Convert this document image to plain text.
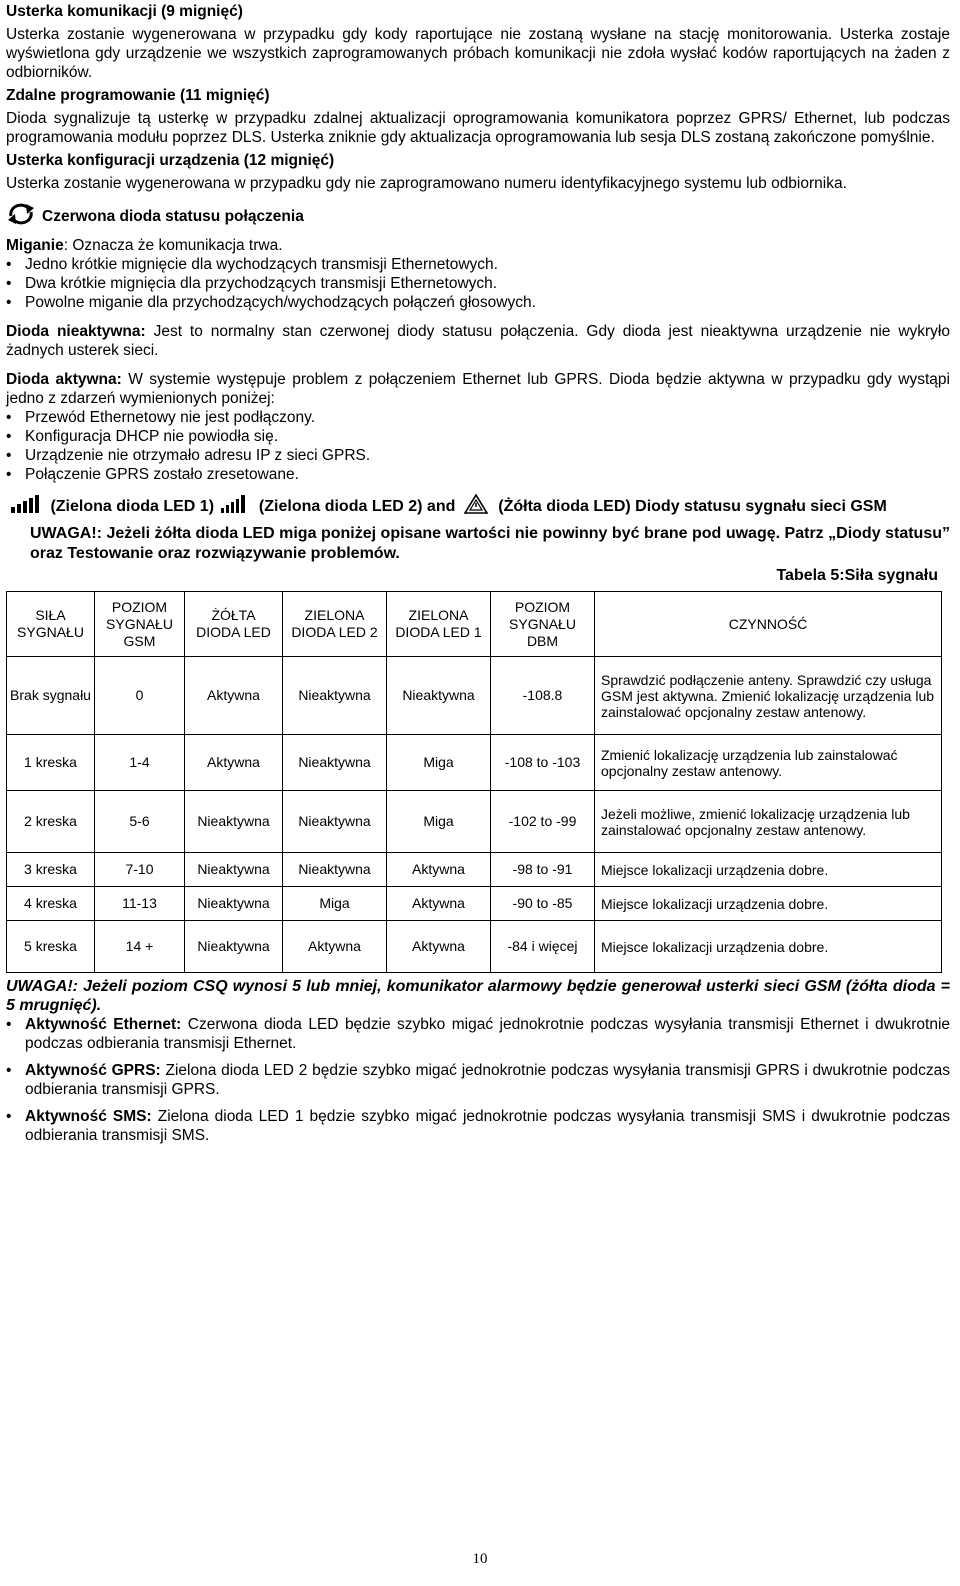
Usterka komunikacji (9 mignięć)

Usterka zostanie wygenerowana w przypadku gdy kody raportujące nie zostaną wysłane na stację monitorowania. Usterka zostaje wyświetlona gdy urządzenie we wszystkich zaprogramowanych próbach komunikacji nie zdoła wysłać kodów raportujących na żaden z odbiorników.

Zdalne programowanie (11 mignięć)

Dioda sygnalizuje tą usterkę w przypadku zdalnej aktualizacji oprogramowania komunikatora poprzez GPRS/ Ethernet, lub podczas programowania modułu poprzez DLS. Usterka zniknie gdy aktualizacja oprogramowania lub sesja DLS zostaną zakończone pomyślnie.

Usterka konfiguracji urządzenia (12 mignięć)

Usterka zostanie wygenerowana w przypadku gdy nie zaprogramowano numeru identyfikacyjnego systemu lub odbiornika.

Czerwona dioda statusu połączenia

Miganie: Oznacza że komunikacja trwa.

• Jedno krótkie mignięcie dla wychodzących transmisji Ethernetowych.
• Dwa krótkie mignięcia dla przychodzących transmisji Ethernetowych.
• Powolne miganie dla przychodzących/wychodzących połączeń głosowych.

Dioda nieaktywna: Jest to normalny stan czerwonej diody statusu połączenia. Gdy dioda jest nieaktywna urządzenie nie wykryło żadnych usterek sieci.

Dioda aktywna: W systemie występuje problem z połączeniem Ethernet lub GPRS. Dioda będzie aktywna w przypadku gdy wystąpi jedno z zdarzeń wymienionych poniżej:

• Przewód Ethernetowy nie jest podłączony.
• Konfiguracja DHCP nie powiodła się.
• Urządzenie nie otrzymało adresu IP z sieci GPRS.
• Połączenie GPRS zostało zresetowane.
(Zielona dioda LED 1)	(Zielona dioda LED 2) and	(Żółta dioda LED) Diody statusu sygnału sieci GSM

UWAGA!: Jeżeli żółta dioda LED miga poniżej opisane wartości nie powinny być brane pod uwagę. Patrz „Diody statusu” oraz Testowanie oraz rozwiązywanie problemów.

Tabela 5:Siła sygnału
SIŁA SYGNAŁU	POZIOM SYGNAŁU GSM	ŻÓŁTA DIODA LED	ZIELONA DIODA LED 2	ZIELONA DIODA LED 1	POZIOM SYGNAŁU DBM	CZYNNOŚĆ
Brak sygnału	0	Aktywna	Nieaktywna	Nieaktywna	-108.8	Sprawdzić podłączenie anteny. Sprawdzić czy usługa GSM jest aktywna. Zmienić lokalizację urządzenia lub zainstalować opcjonalny zestaw antenowy.
1 kreska	1-4	Aktywna	Nieaktywna	Miga	-108 to -103	Zmienić lokalizację urządzenia lub zainstalować opcjonalny zestaw antenowy.
2 kreska	5-6	Nieaktywna	Nieaktywna	Miga	-102 to -99	Jeżeli możliwe, zmienić lokalizację urządzenia lub zainstalować opcjonalny zestaw antenowy.
3 kreska	7-10	Nieaktywna	Nieaktywna	Aktywna	-98 to -91	Miejsce lokalizacji urządzenia dobre.
4 kreska	11-13	Nieaktywna	Miga	Aktywna	-90 to -85	Miejsce lokalizacji urządzenia dobre.
5 kreska	14 +	Nieaktywna	Aktywna	Aktywna	-84 i więcej	Miejsce lokalizacji urządzenia dobre.

UWAGA!: Jeżeli poziom CSQ wynosi 5 lub mniej, komunikator alarmowy będzie generował usterki sieci GSM (żółta dioda = 5 mrugnięć).

• Aktywność Ethernet: Czerwona dioda LED będzie szybko migać jednokrotnie podczas wysyłania transmisji Ethernet i dwukrotnie podczas odbierania transmisji Ethernet.
• Aktywność GPRS: Zielona dioda LED 2 będzie szybko migać jednokrotnie podczas wysyłania transmisji GPRS i dwukrotnie podczas odbierania transmisji GPRS.
• Aktywność SMS: Zielona dioda LED 1 będzie szybko migać jednokrotnie podczas wysyłania transmisji SMS i dwukrotnie podczas odbierania transmisji SMS.
10
